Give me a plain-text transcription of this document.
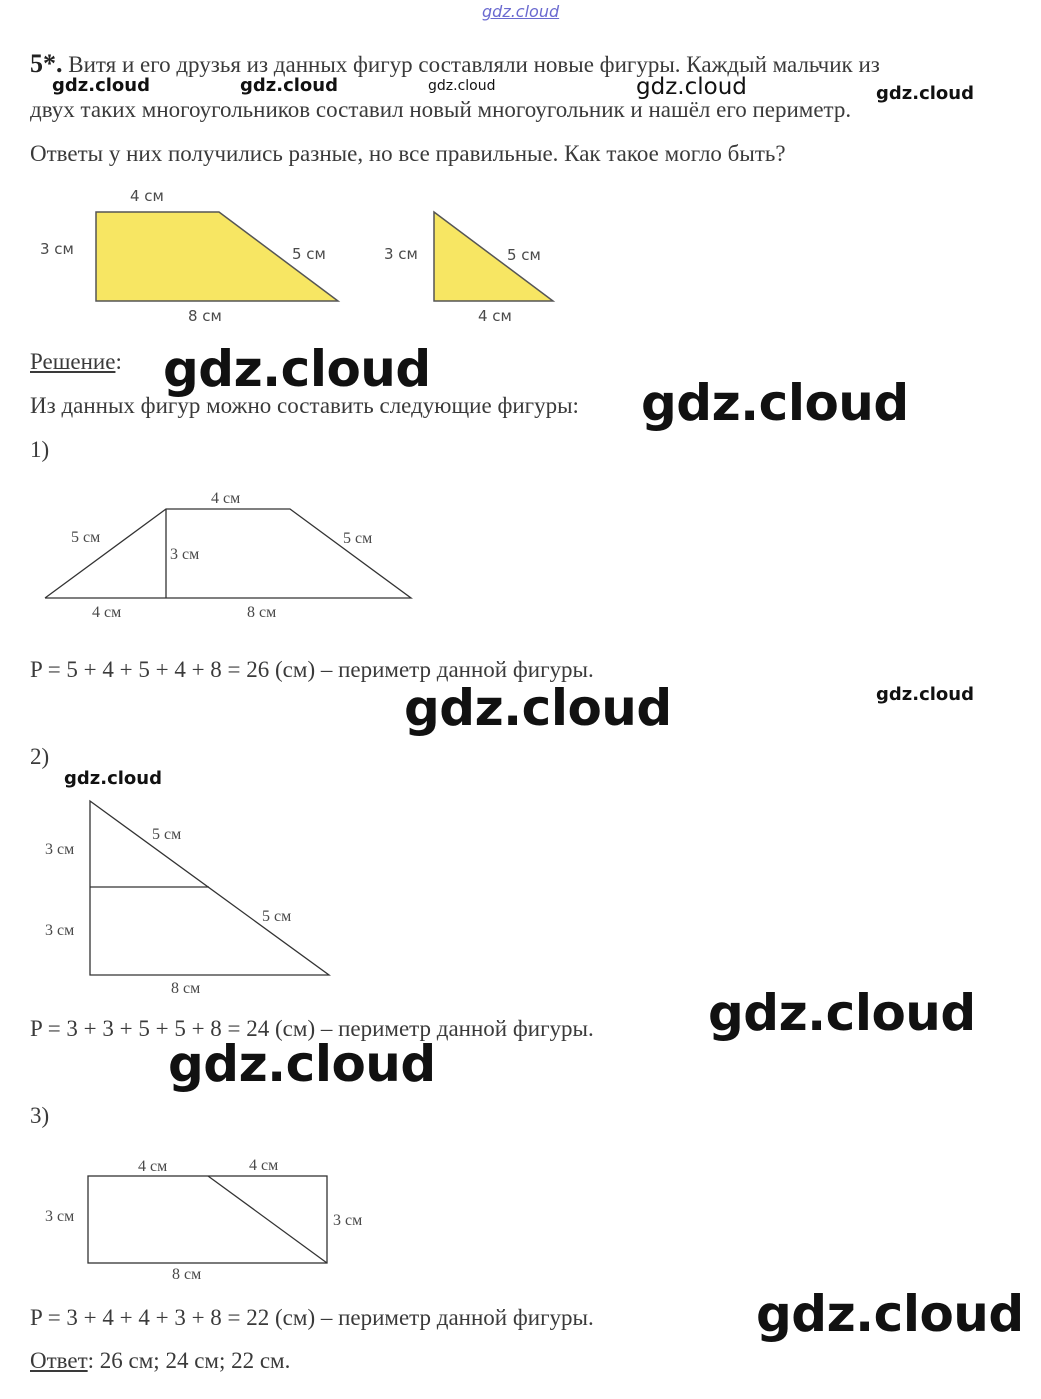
gdz.cloud
5*. Витя и его друзья из данных фигур составляли новые фигуры. Каждый мальчик из
gdz.cloud	gdz.cloud	gdz.cloud	gdz.cloud	gdz.cloud
двух таких многоугольников составил новый многоугольник и нашёл его периметр.
Ответы у них получились разные, но все правильные. Как такое могло быть?
4 см
3 см	5 см
8 см
3 см	5 см
4 см
Решение: gdz.cloud
Из данных фигур можно составить следующие фигуры: gdz.cloud
1)
4 см
5 см
3 см
5 см
4 см	8 см
P = 5 + 4 + 5 + 4 + 8 = 26 (см) – периметр данной фигуры.
gdz.cloud	gdz.cloud
2)
gdz.cloud
3 см
3 см
5 см
5 см
8 см	gdz.cloud
P = 3 + 3 + 5 + 5 + 8 = 24 (см) – периметр данной фигуры.
gdz.cloud
3)
4 см	4 см
3 см	3 см
8 см
gdz.cloud
P = 3 + 4 + 4 + 3 + 8 = 22 (см) – периметр данной фигуры.
Ответ: 26 см; 24 см; 22 см.
